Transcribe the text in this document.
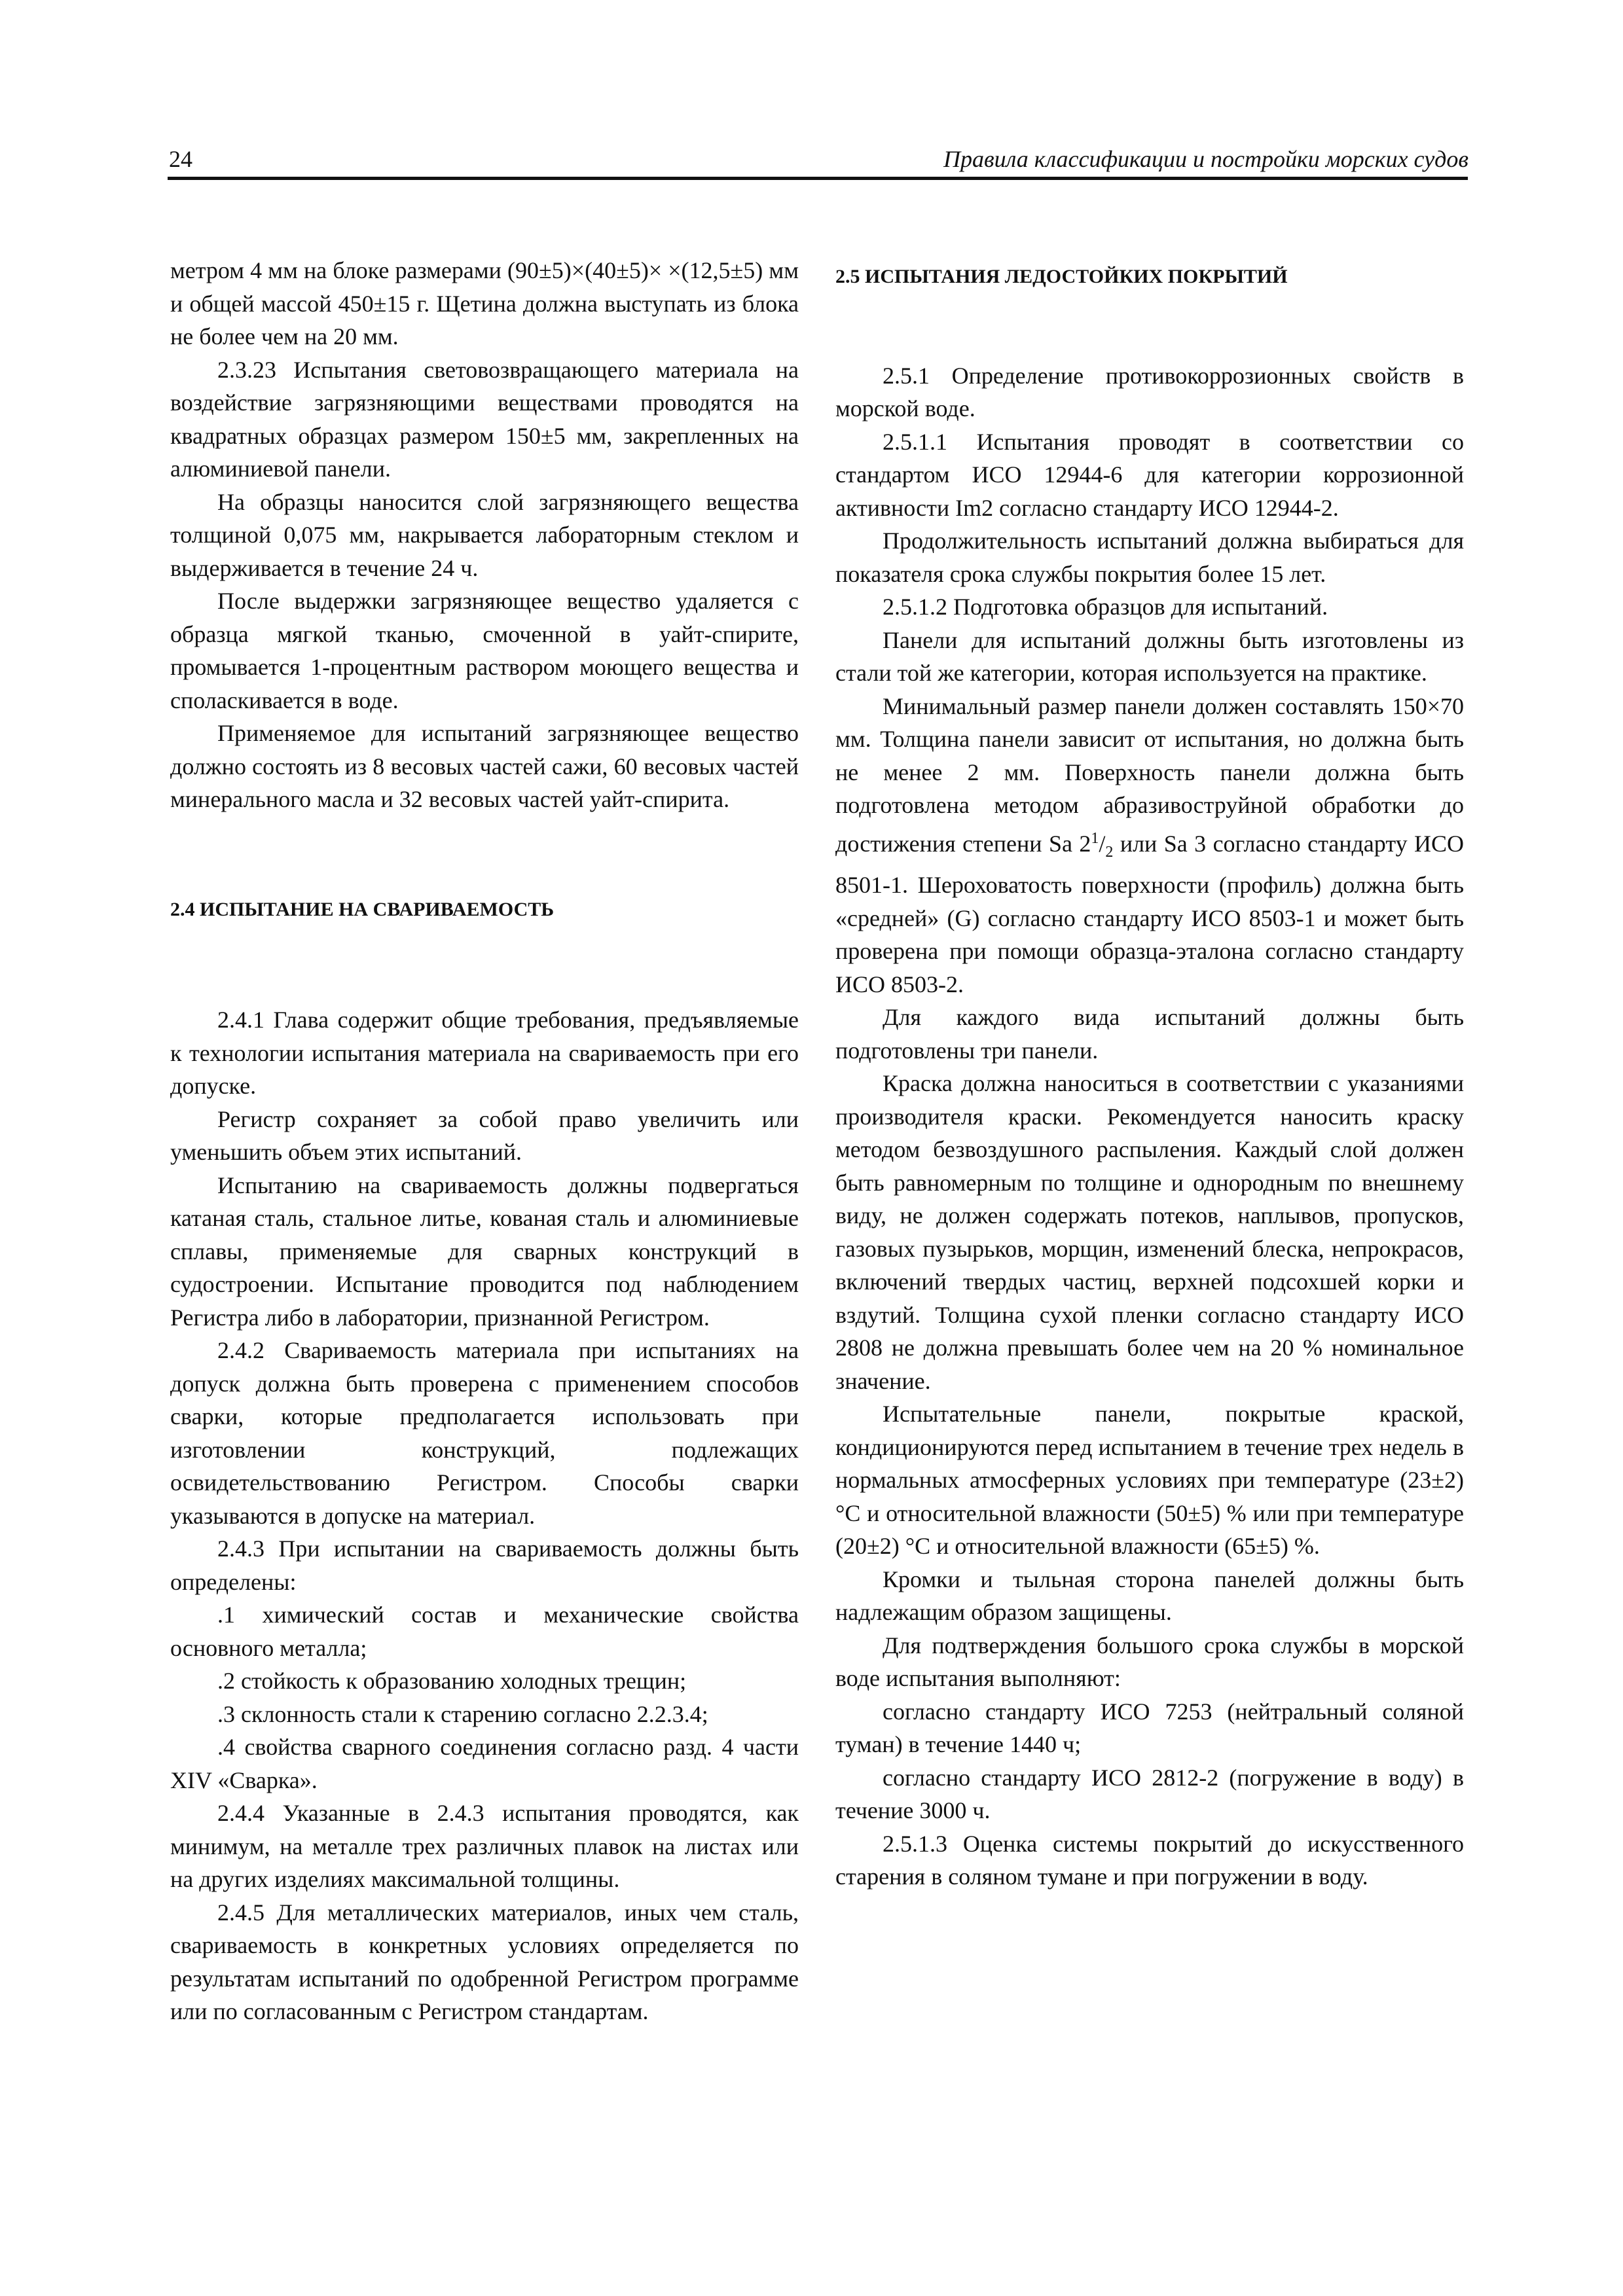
24	Правила классификации и постройки морских судов

метром 4 мм на блоке размерами (90±5)×(40±5)× ×(12,5±5) мм и общей массой 450±15 г. Щетина должна выступать из блока не более чем на 20 мм.

2.3.23 Испытания световозвращающего материала на воздействие загрязняющими веществами проводятся на квадратных образцах размером 150±5 мм, закрепленных на алюминиевой панели.

На образцы наносится слой загрязняющего вещества толщиной 0,075 мм, накрывается лабораторным стеклом и выдерживается в течение 24 ч.

После выдержки загрязняющее вещество удаляется с образца мягкой тканью, смоченной в уайт-спирите, промывается 1-процентным раствором моющего вещества и споласкивается в воде.

Применяемое для испытаний загрязняющее вещество должно состоять из 8 весовых частей сажи, 60 весовых частей минерального масла и 32 весовых частей уайт-спирита.

2.4 ИСПЫТАНИЕ НА СВАРИВАЕМОСТЬ

2.4.1 Глава содержит общие требования, предъявляемые к технологии испытания материала на свариваемость при его допуске.

Регистр сохраняет за собой право увеличить или уменьшить объем этих испытаний.

Испытанию на свариваемость должны подвергаться катаная сталь, стальное литье, кованая сталь и алюминиевые сплавы, применяемые для сварных конструкций в судостроении. Испытание проводится под наблюдением Регистра либо в лаборатории, признанной Регистром.

2.4.2 Свариваемость материала при испытаниях на допуск должна быть проверена с применением способов сварки, которые предполагается использовать при изготовлении конструкций, подлежащих освидетельствованию Регистром. Способы сварки указываются в допуске на материал.

2.4.3 При испытании на свариваемость должны быть определены:

.1 химический состав и механические свойства основного металла;

.2 стойкость к образованию холодных трещин;

.3 склонность стали к старению согласно 2.2.3.4;

.4 свойства сварного соединения согласно разд. 4 части XIV «Сварка».

2.4.4 Указанные в 2.4.3 испытания проводятся, как минимум, на металле трех различных плавок на листах или на других изделиях максимальной толщины.

2.4.5 Для металлических материалов, иных чем сталь, свариваемость в конкретных условиях определяется по результатам испытаний по одобренной Регистром программе или по согласованным с Регистром стандартам.

2.5 ИСПЫТАНИЯ ЛЕДОСТОЙКИХ ПОКРЫТИЙ

2.5.1 Определение противокоррозионных свойств в морской воде.

2.5.1.1 Испытания проводят в соответствии со стандартом ИСО 12944-6 для категории коррозионной активности Im2 согласно стандарту ИСО 12944-2.

Продолжительность испытаний должна выбираться для показателя срока службы покрытия более 15 лет.

2.5.1.2 Подготовка образцов для испытаний.

Панели для испытаний должны быть изготовлены из стали той же категории, которая используется на практике.

Минимальный размер панели должен составлять 150×70 мм. Толщина панели зависит от испытания, но должна быть не менее 2 мм. Поверхность панели должна быть подготовлена методом абразивоструйной обработки до достижения степени Sa $2^1/_2$ или Sa 3 согласно стандарту ИСО 8501-1. Шероховатость поверхности (профиль) должна быть «средней» (G) согласно стандарту ИСО 8503-1 и может быть проверена при помощи образца-эталона согласно стандарту ИСО 8503-2.

Для каждого вида испытаний должны быть подготовлены три панели.

Краска должна наноситься в соответствии с указаниями производителя краски. Рекомендуется наносить краску методом безвоздушного распыления. Каждый слой должен быть равномерным по толщине и однородным по внешнему виду, не должен содержать потеков, наплывов, пропусков, газовых пузырьков, морщин, изменений блеска, непрокрасов, включений твердых частиц, верхней подсохшей корки и вздутий. Толщина сухой пленки согласно стандарту ИСО 2808 не должна превышать более чем на 20 % номинальное значение.

Испытательные панели, покрытые краской, кондиционируются перед испытанием в течение трех недель в нормальных атмосферных условиях при температуре (23±2) °C и относительной влажности (50±5) % или при температуре (20±2) °C и относительной влажности (65±5) %.

Кромки и тыльная сторона панелей должны быть надлежащим образом защищены.

Для подтверждения большого срока службы в морской воде испытания выполняют:

согласно стандарту ИСО 7253 (нейтральный соляной туман) в течение 1440 ч;

согласно стандарту ИСО 2812-2 (погружение в воду) в течение 3000 ч.

2.5.1.3 Оценка системы покрытий до искусственного старения в соляном тумане и при погружении в воду.
